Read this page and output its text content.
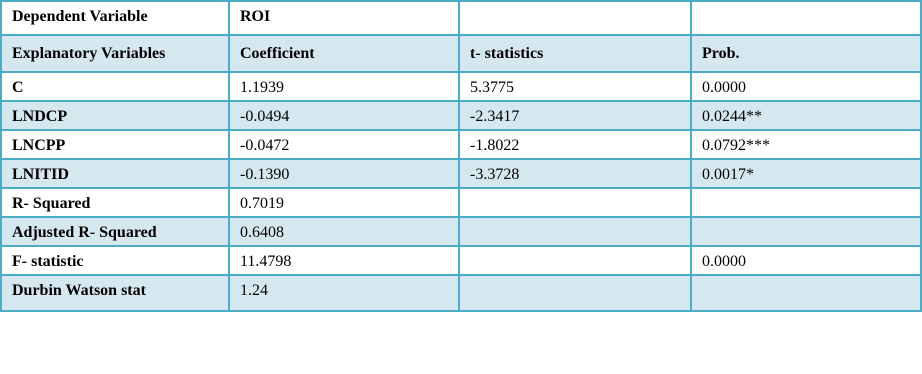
Dependent Variable	ROI		
Explanatory Variables	Coefficient	t- statistics	Prob.
C	1.1939	5.3775	0.0000
LNDCP	-0.0494	-2.3417	0.0244**
LNCPP	-0.0472	-1.8022	0.0792***
LNITID	-0.1390	-3.3728	0.0017*
R- Squared	0.7019		
Adjusted R- Squared	0.6408		
F- statistic	11.4798		0.0000
Durbin Watson stat	1.24		
